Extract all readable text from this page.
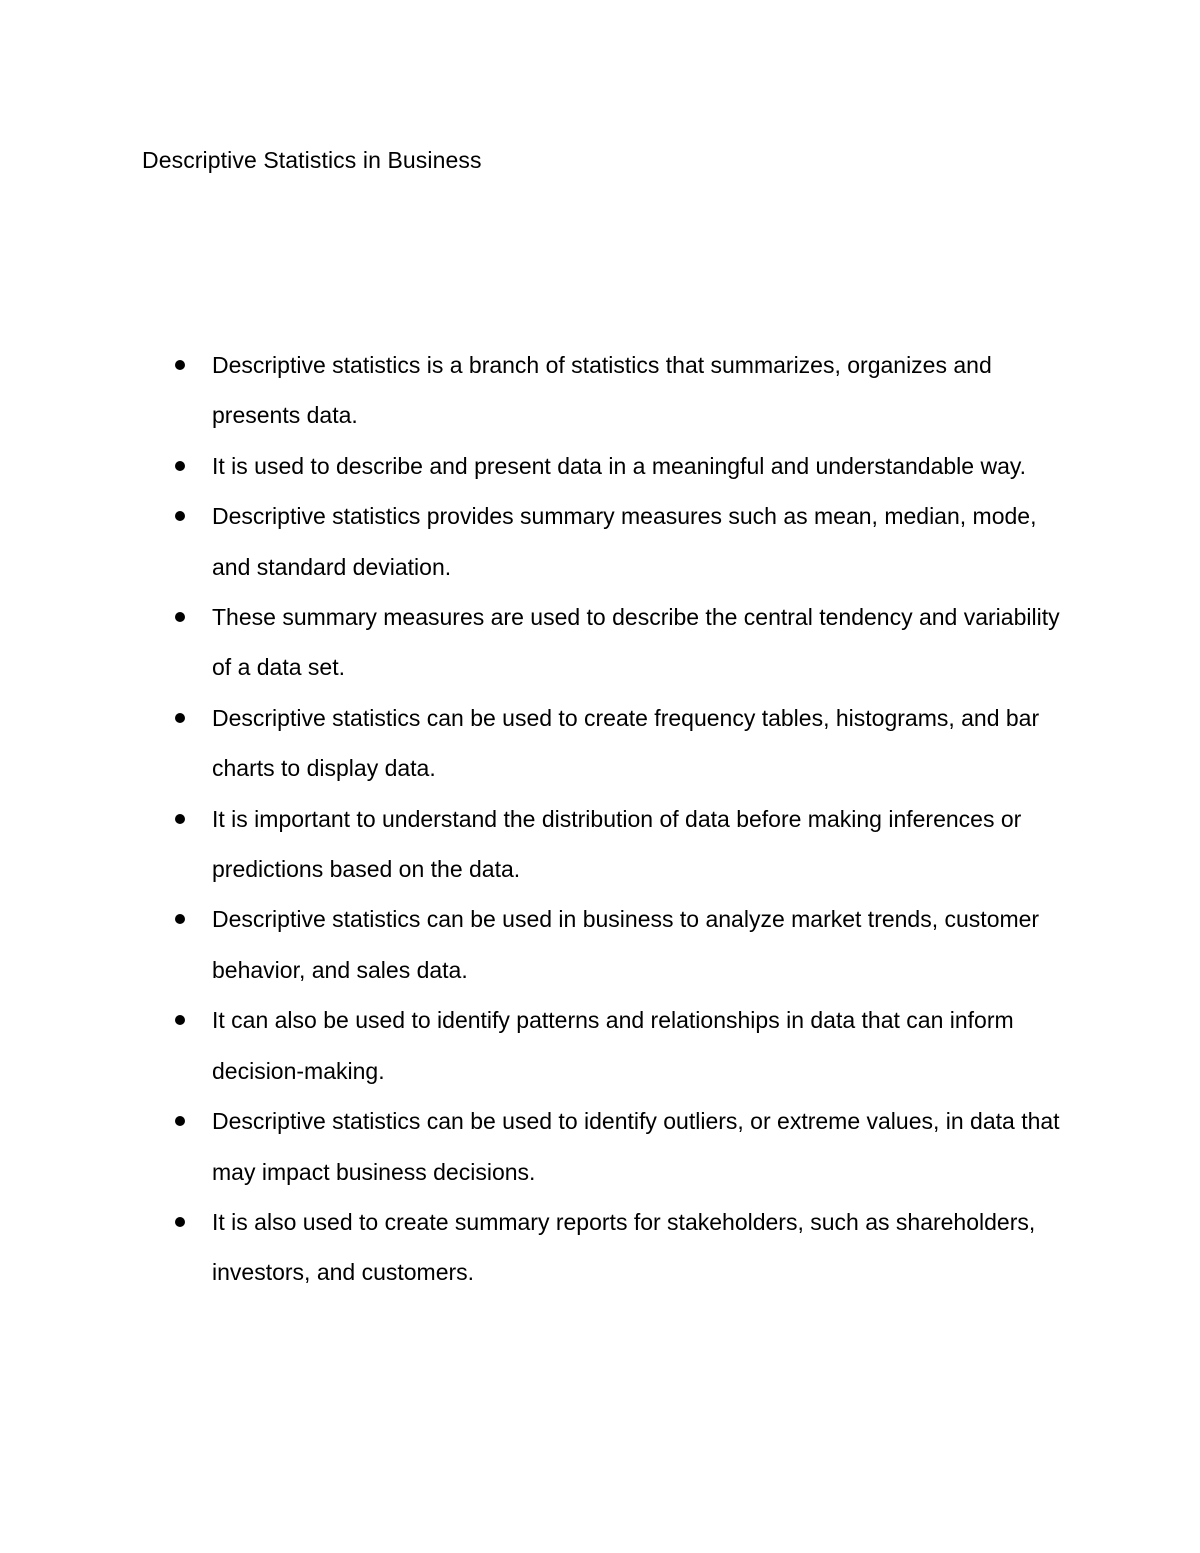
Descriptive Statistics in Business
Descriptive statistics is a branch of statistics that summarizes, organizes and presents data.
It is used to describe and present data in a meaningful and understandable way.
Descriptive statistics provides summary measures such as mean, median, mode, and standard deviation.
These summary measures are used to describe the central tendency and variability of a data set.
Descriptive statistics can be used to create frequency tables, histograms, and bar charts to display data.
It is important to understand the distribution of data before making inferences or predictions based on the data.
Descriptive statistics can be used in business to analyze market trends, customer behavior, and sales data.
It can also be used to identify patterns and relationships in data that can inform decision-making.
Descriptive statistics can be used to identify outliers, or extreme values, in data that may impact business decisions.
It is also used to create summary reports for stakeholders, such as shareholders, investors, and customers.
